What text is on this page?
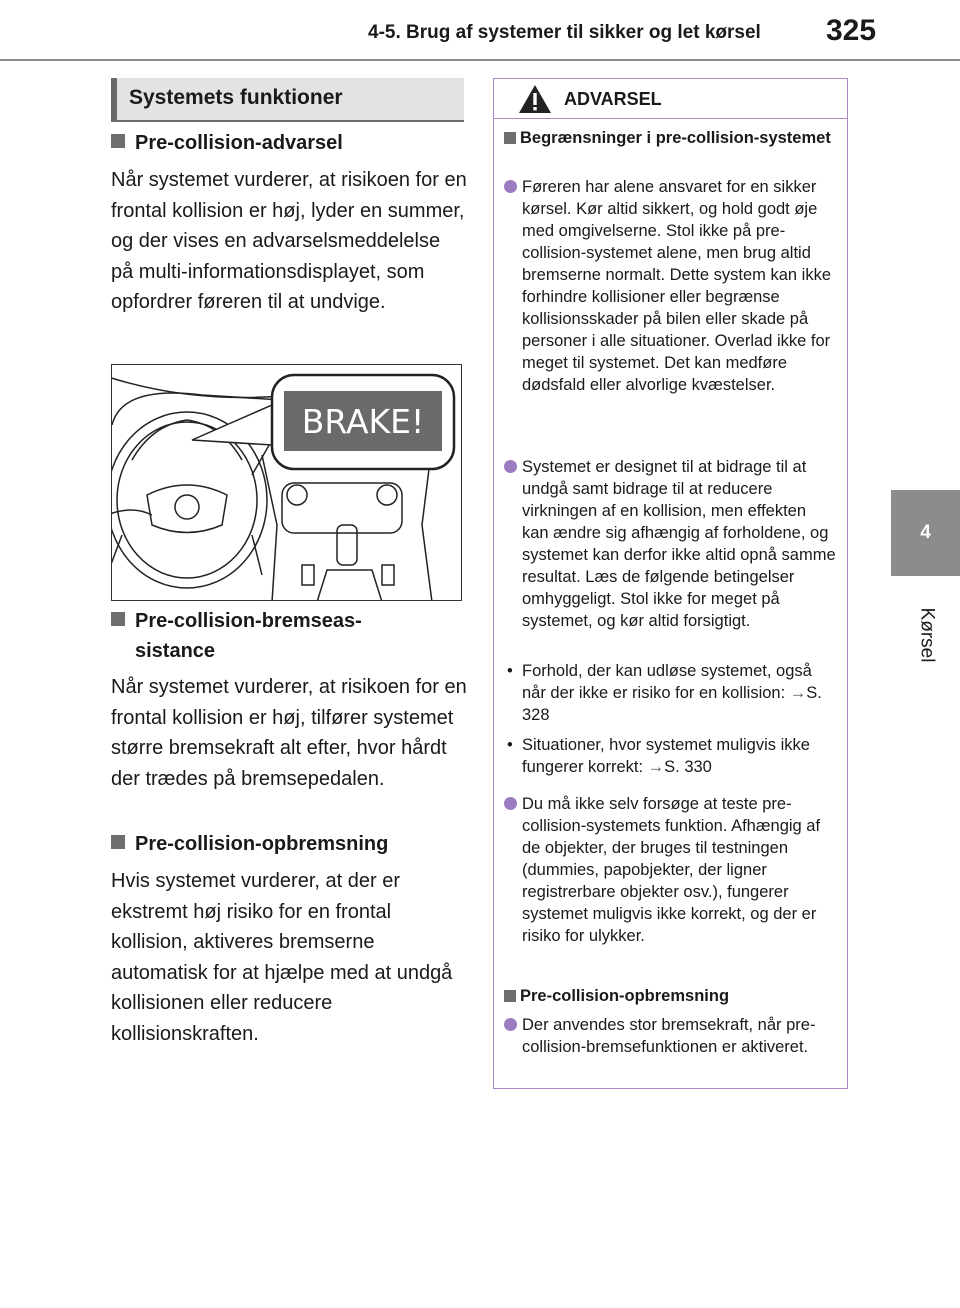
4-5. Brug af systemer til sikker og let kørsel 325
4
Kørsel
Systemets funktioner
Pre-collision-advarsel
Når systemet vurderer, at risikoen for en frontal kollision er høj, lyder en summer, og der vises en advarselsmeddelelse på multi-informationsdisplayet, som opfordrer føreren til at undvige.
BRAKE!
Pre-collision-bremseas-
sistance
Når systemet vurderer, at risikoen for en frontal kollision er høj, tilfører systemet større bremsekraft alt efter, hvor hårdt der trædes på bremsepedalen.
Pre-collision-opbremsning
Hvis systemet vurderer, at der er ekstremt høj risiko for en frontal kollision, aktiveres bremserne automatisk for at hjælpe med at undgå kollisionen eller reducere kollisionskraften.
ADVARSEL
Begrænsninger i pre-collision-systemet
Føreren har alene ansvaret for en sikker kørsel. Kør altid sikkert, og hold godt øje med omgivelserne. Stol ikke på pre-collision-systemet alene, men brug altid bremserne normalt. Dette system kan ikke forhindre kollisioner eller begrænse kollisionsskader på bilen eller skade på personer i alle situationer. Overlad ikke for meget til systemet. Det kan medføre dødsfald eller alvorlige kvæstelser.
Systemet er designet til at bidrage til at undgå samt bidrage til at reducere virkningen af en kollision, men effekten kan ændre sig afhængig af forholdene, og systemet kan derfor ikke altid opnå samme resultat. Læs de følgende betingelser omhyggeligt. Stol ikke for meget på systemet, og kør altid forsigtigt.
• Forhold, der kan udløse systemet, også når der ikke er risiko for en kollision: →S. 328
• Situationer, hvor systemet muligvis ikke fungerer korrekt: →S. 330
Du må ikke selv forsøge at teste pre-collision-systemets funktion. Afhængig af de objekter, der bruges til testningen (dummies, papobjekter, der ligner registrerbare objekter osv.), fungerer systemet muligvis ikke korrekt, og der er risiko for ulykker.
Pre-collision-opbremsning
Der anvendes stor bremsekraft, når pre-collision-bremsefunktionen er aktiveret.
